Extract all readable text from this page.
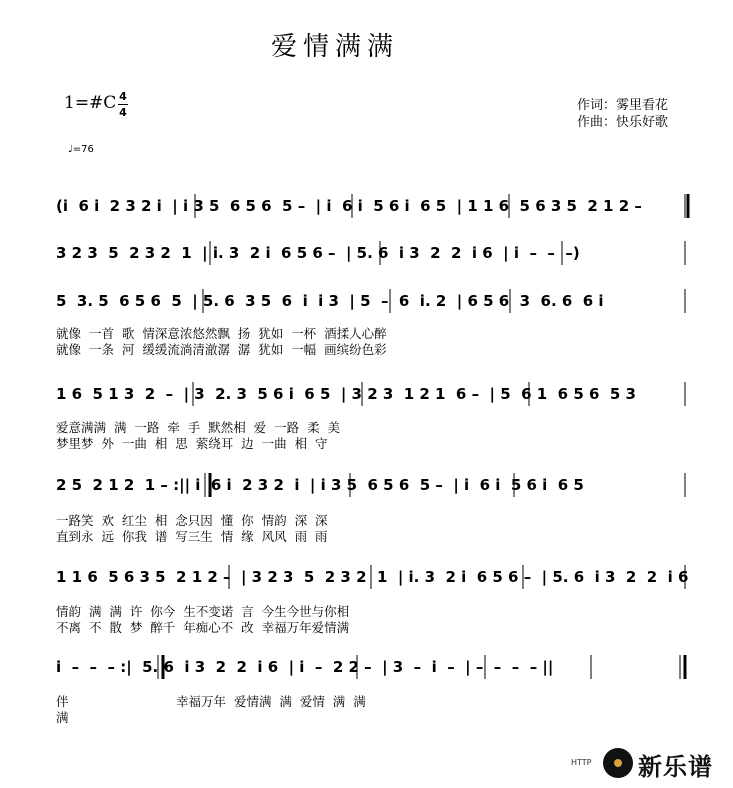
爱情满满
1=#C 4
4
♩=76
作词：雾里看花
作曲：快乐好歌
(i  6 i  2 3 2 i  | i 3 5  6 5 6  5 –  | i  6 i  5 6 i  6 5  | 1 1 6  5 6 3 5  2 1 2 –
3 2 3  5  2 3 2  1  | i. 3  2 i  6 5 6 –  | 5. 6  i 3  2  2  i 6  | i  –  –  –)
5  3. 5  6 5 6  5  | 5. 6  3 5  6  i  i 3  | 5  –  6  i. 2  | 6 5 6  3  6. 6  6 i
就像  一首  歌  情深意浓悠然飘  扬  犹如  一杯  酒揉人心醉
就像  一条  河  缓缓流淌清澈潺  潺  犹如  一幅  画缤纷色彩
1 6  5 1 3  2  –  | 3  2. 3  5 6 i  6 5  | 3 2 3  1 2 1  6 –  | 5  6 1  6 5 6  5 3
爱意满满  满  一路  牵  手  默然相  爱  一路  柔  美
梦里梦  外  一曲  相  思  萦绕耳  边  一曲  相  守
2 5  2 1 2  1 – :|| i  6 i  2 3 2  i  | i 3 5  6 5 6  5 –  | i  6 i  5 6 i  6 5
一路笑  欢  红尘  相  念只因  懂  你  情韵  深  深
直到永  远  你我  谱  写三生  情  缘  风风  雨  雨
1 1 6  5 6 3 5  2 1 2 –  | 3 2 3  5  2 3 2  1  | i. 3  2 i  6 5 6 –  | 5. 6  i 3  2  2  i 6
情韵  满  满  许  你今  生不变诺  言  今生今世与你相
不离  不  散  梦  醉千  年痴心不  改  幸福万年爱情满
i  –  –  – :|  5. 6  i 3  2  2  i 6  | i  –  2 2 –  | 3  –  i  –  | –  –  –  – ||
伴
满
幸福万年  爱情满  满  爱情  满  满
HTTP 新乐谱
